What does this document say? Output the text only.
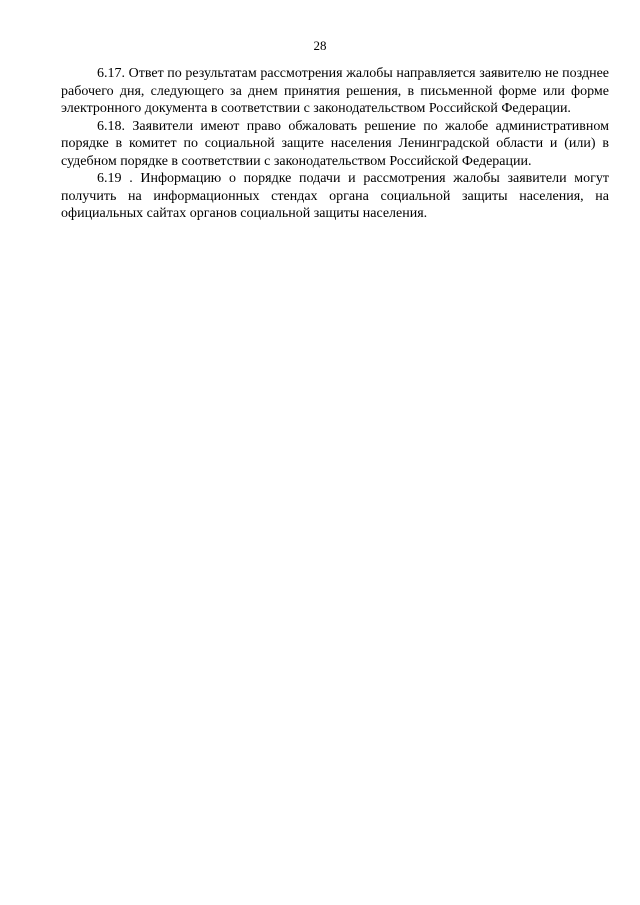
28

6.17. Ответ по результатам рассмотрения жалобы направляется заявителю не позднее рабочего дня, следующего за днем принятия решения, в письменной форме или форме электронного документа в соответствии с законодательством Российской Федерации.

6.18. Заявители имеют право обжаловать решение по жалобе административном порядке в комитет по социальной защите населения Ленинградской области и (или) в судебном порядке в соответствии с законодательством Российской Федерации.

6.19 . Информацию о порядке подачи и рассмотрения жалобы заявители могут получить на информационных стендах органа социальной защиты населения, на официальных сайтах органов социальной защиты населения.
